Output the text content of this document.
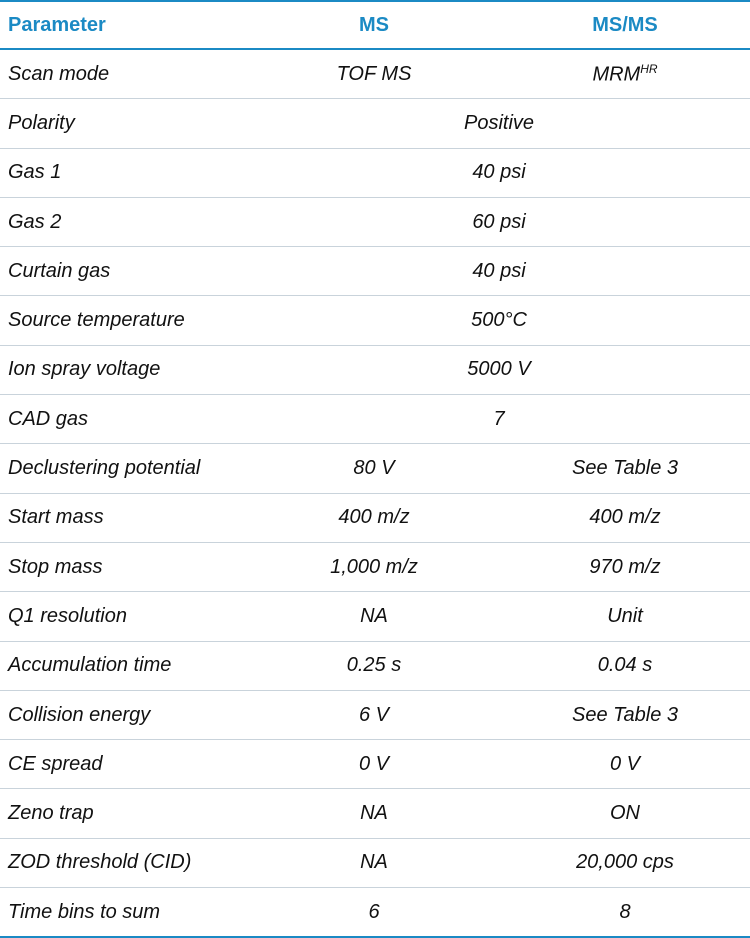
Parameter	MS	MS/MS
Scan mode	TOF MS	$MRM^{HR}$
Polarity	Positive	
Gas 1	40 psi	
Gas 2	60 psi	
Curtain gas	40 psi	
Source temperature	500°C	
Ion spray voltage	5000 V	
CAD gas	7	
Declustering potential	80 V	See Table 3
Start mass	400 m/z	400 m/z
Stop mass	1,000 m/z	970 m/z
Q1 resolution	NA	Unit
Accumulation time	0.25 s	0.04 s
Collision energy	6 V	See Table 3
CE spread	0 V	0 V
Zeno trap	NA	ON
ZOD threshold (CID)	NA	20,000 cps
Time bins to sum	6	8
